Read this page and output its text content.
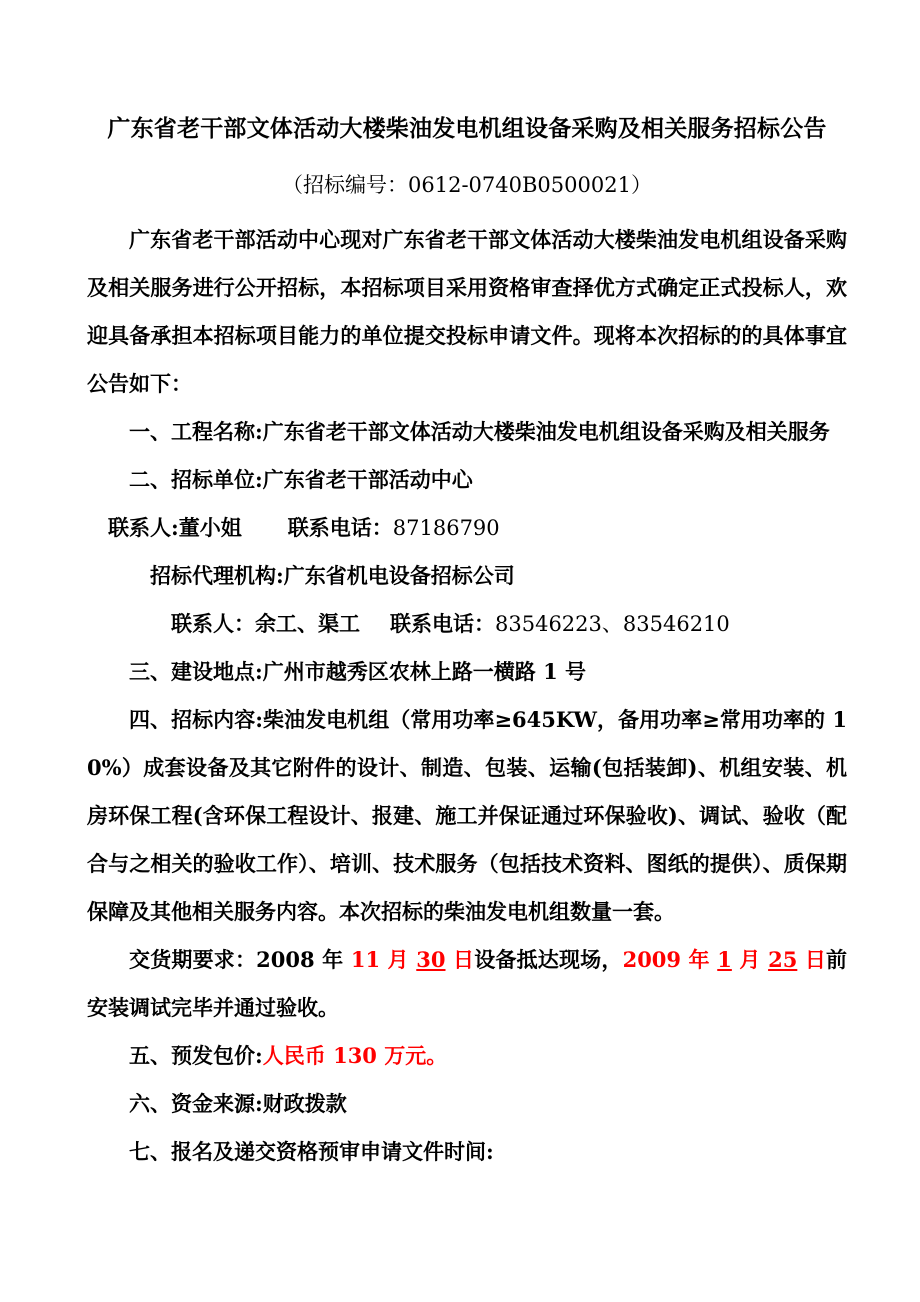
广东省老干部文体活动大楼柴油发电机组设备采购及相关服务招标公告
（招标编号：0612-0740B0500021）

广东省老干部活动中心现对广东省老干部文体活动大楼柴油发电机组设备采购及相关服务进行公开招标，本招标项目采用资格审查择优方式确定正式投标人，欢迎具备承担本招标项目能力的单位提交投标申请文件。现将本次招标的的具体事宜公告如下：

一、工程名称:广东省老干部文体活动大楼柴油发电机组设备采购及相关服务

二、招标单位:广东省老干部活动中心

联系人:董小姐 联系电话：87186790

招标代理机构:广东省机电设备招标公司

联系人：余工、渠工 联系电话：83546223、83546210

三、建设地点:广州市越秀区农林上路一横路 1 号

四、招标内容:柴油发电机组（常用功率≥645KW，备用功率≥常用功率的 10%）成套设备及其它附件的设计、制造、包装、运输(包括装卸)、机组安装、机房环保工程(含环保工程设计、报建、施工并保证通过环保验收)、调试、验收（配合与之相关的验收工作）、培训、技术服务（包括技术资料、图纸的提供）、质保期保障及其他相关服务内容。本次招标的柴油发电机组数量一套。

交货期要求：2008 年 11 月 30 日设备抵达现场，2009 年 1 月 25 日前安装调试完毕并通过验收。

五、预发包价:人民币 130 万元。

六、资金来源:财政拨款

七、报名及递交资格预审申请文件时间:
